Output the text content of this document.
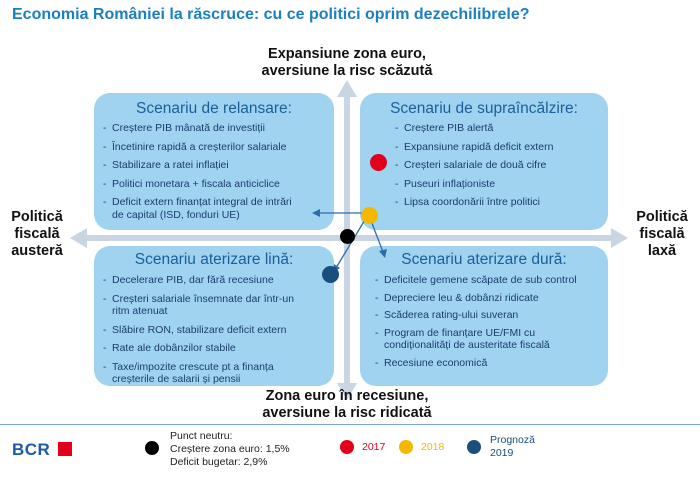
Economia României la răscruce: cu ce politici oprim dezechilibrele?
Scenariu de relansare:
- Creștere PIB mânată de investiții
- Încetinire rapidă a creșterilor salariale
- Stabilizare a ratei inflației
- Politici monetara + fiscala anticiclice
- Deficit extern finanțat integral de intrări de capital (ISD, fonduri UE)
Scenariu de supraîncălzire:
- Creștere PIB alertă
- Expansiune rapidă deficit extern
- Creșteri salariale de două cifre
- Puseuri inflaționiste
- Lipsa coordonării între politici
Scenariu aterizare lină:
- Decelerare PIB, dar fără recesiune
- Creșteri salariale însemnate dar într-un ritm atenuat
- Slăbire RON, stabilizare deficit extern
- Rate ale dobânzilor stabile
- Taxe/impozite crescute pt a finanța creșterile de salarii și pensii
Scenariu aterizare dură:
- Deficitele gemene scăpate de sub control
- Depreciere leu & dobânzi ridicate
- Scăderea rating-ului suveran
- Program de finanțare UE/FMI cu condiționalități de austeritate fiscală
- Recesiune economică
Expansiune zona euro,
aversiune la risc scăzută
Zona euro în recesiune,
aversiune la risc ridicată
Politică
fiscală
austeră
Politică
fiscală
laxă
BCR
Punct neutru:
Creștere zona euro: 1,5%
Deficit bugetar: 2,9%
2017	2018
Prognoză
2019
